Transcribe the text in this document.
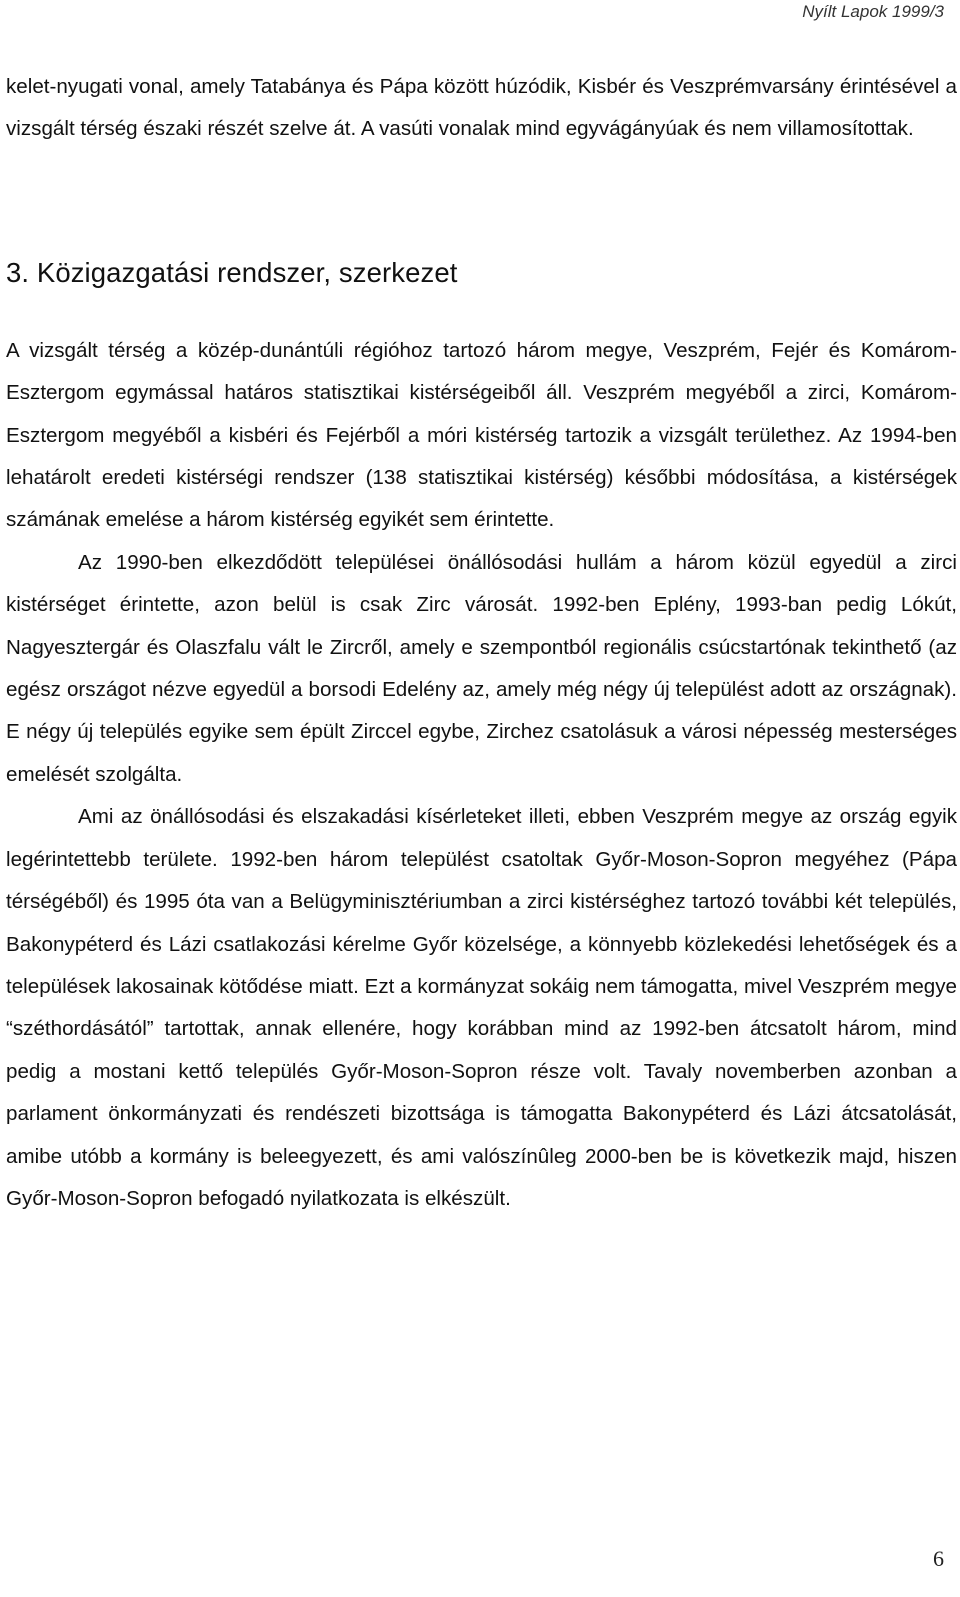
Nyílt Lapok 1999/3

kelet-nyugati vonal, amely Tatabánya és Pápa között húzódik, Kisbér és Veszprémvarsány érintésével a vizsgált térség északi részét szelve át. A vasúti vonalak mind egyvágányúak és nem villamosítottak.

3. Közigazgatási rendszer, szerkezet

A vizsgált térség a közép-dunántúli régióhoz tartozó három megye, Veszprém, Fejér és Komárom-Esztergom egymással határos statisztikai kistérségeiből áll. Veszprém megyéből a zirci, Komárom-Esztergom megyéből a kisbéri és Fejérből a móri kistérség tartozik a vizsgált területhez. Az 1994-ben lehatárolt eredeti kistérségi rendszer (138 statisztikai kistérség) későbbi módosítása, a kistérségek számának emelése a három kistérség egyikét sem érintette.

Az 1990-ben elkezdődött települései önállósodási hullám a három közül egyedül a zirci kistérséget érintette, azon belül is csak Zirc városát. 1992-ben Eplény, 1993-ban pedig Lókút, Nagyesztergár és Olaszfalu vált le Zircről, amely e szempontból regionális csúcstartónak tekinthető (az egész országot nézve egyedül a borsodi Edelény az, amely még négy új települést adott az országnak). E négy új település egyike sem épült Zirccel egybe, Zirchez csatolásuk a városi népesség mesterséges emelését szolgálta.

Ami az önállósodási és elszakadási kísérleteket illeti, ebben Veszprém megye az ország egyik legérintettebb területe. 1992-ben három települést csatoltak Győr-Moson-Sopron megyéhez (Pápa térségéből) és 1995 óta van a Belügyminisztériumban a zirci kistérséghez tartozó további két település, Bakonypéterd és Lázi csatlakozási kérelme Győr közelsége, a könnyebb közlekedési lehetőségek és a települések lakosainak kötődése miatt. Ezt a kormányzat sokáig nem támogatta, mivel Veszprém megye “széthordásától” tartottak, annak ellenére, hogy korábban mind az 1992-ben átcsatolt három, mind pedig a mostani kettő település Győr-Moson-Sopron része volt. Tavaly novemberben azonban a parlament önkormányzati és rendészeti bizottsága is támogatta Bakonypéterd és Lázi átcsatolását, amibe utóbb a kormány is beleegyezett, és ami valószínûleg 2000-ben be is következik majd, hiszen Győr-Moson-Sopron befogadó nyilatkozata is elkészült.

6
